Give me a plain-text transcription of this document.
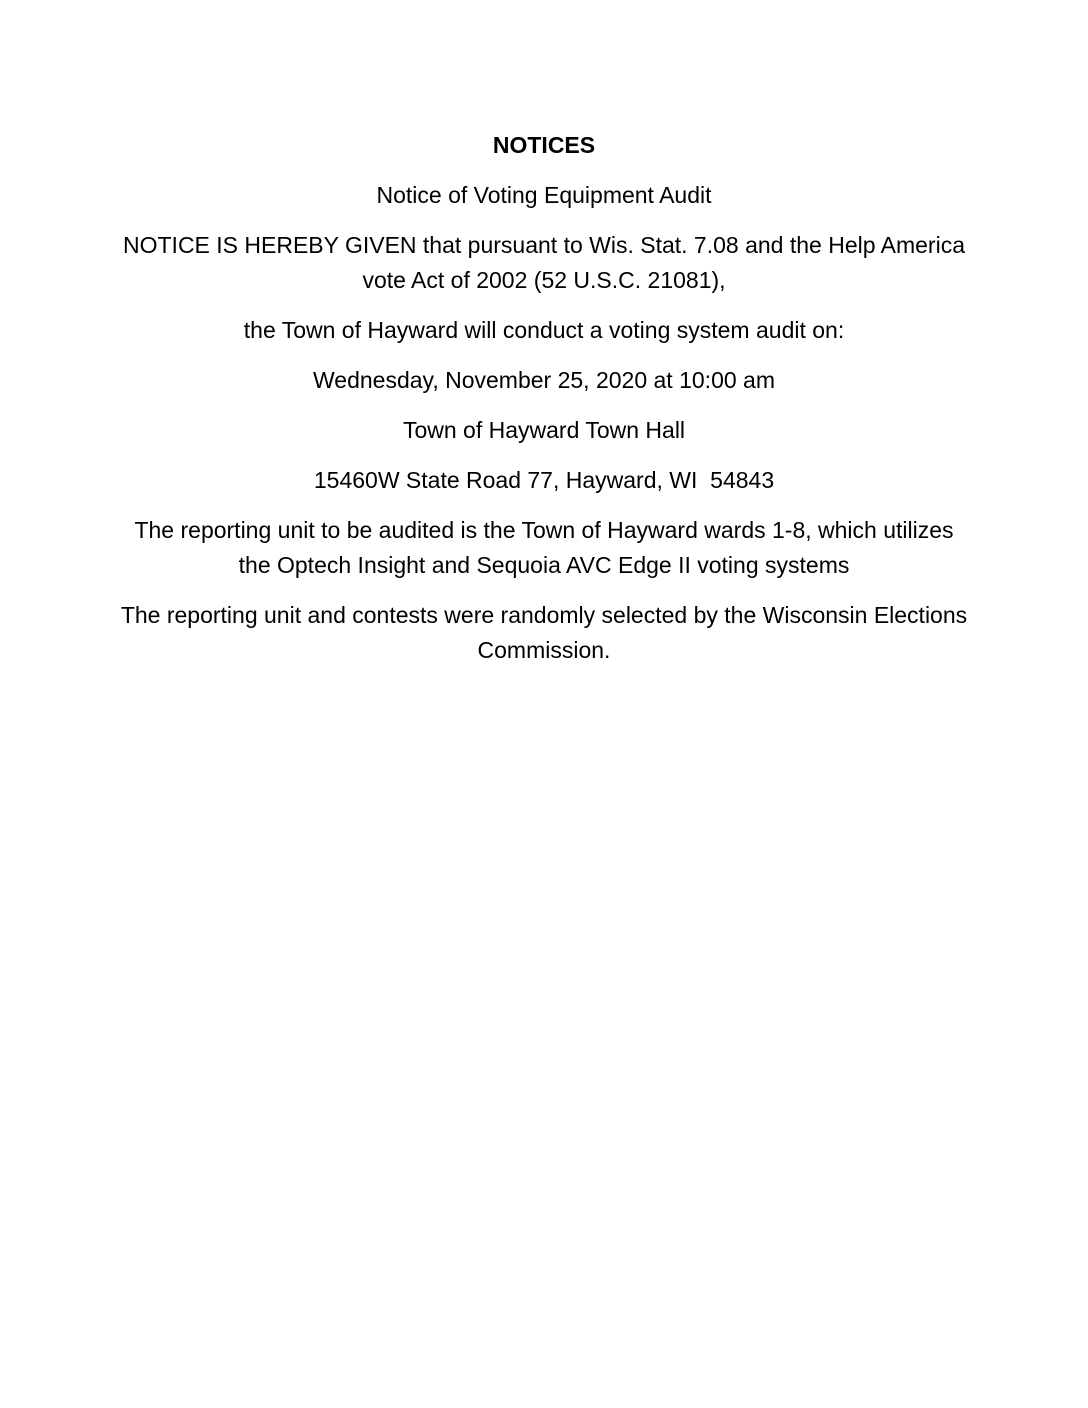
NOTICES

Notice of Voting Equipment Audit

NOTICE IS HEREBY GIVEN that pursuant to Wis. Stat. 7.08 and the Help America vote Act of 2002 (52 U.S.C. 21081),

the Town of Hayward will conduct a voting system audit on:

Wednesday, November 25, 2020 at 10:00 am

Town of Hayward Town Hall

15460W State Road 77, Hayward, WI  54843

The reporting unit to be audited is the Town of Hayward wards 1-8, which utilizes the Optech Insight and Sequoia AVC Edge II voting systems

The reporting unit and contests were randomly selected by the Wisconsin Elections Commission.
